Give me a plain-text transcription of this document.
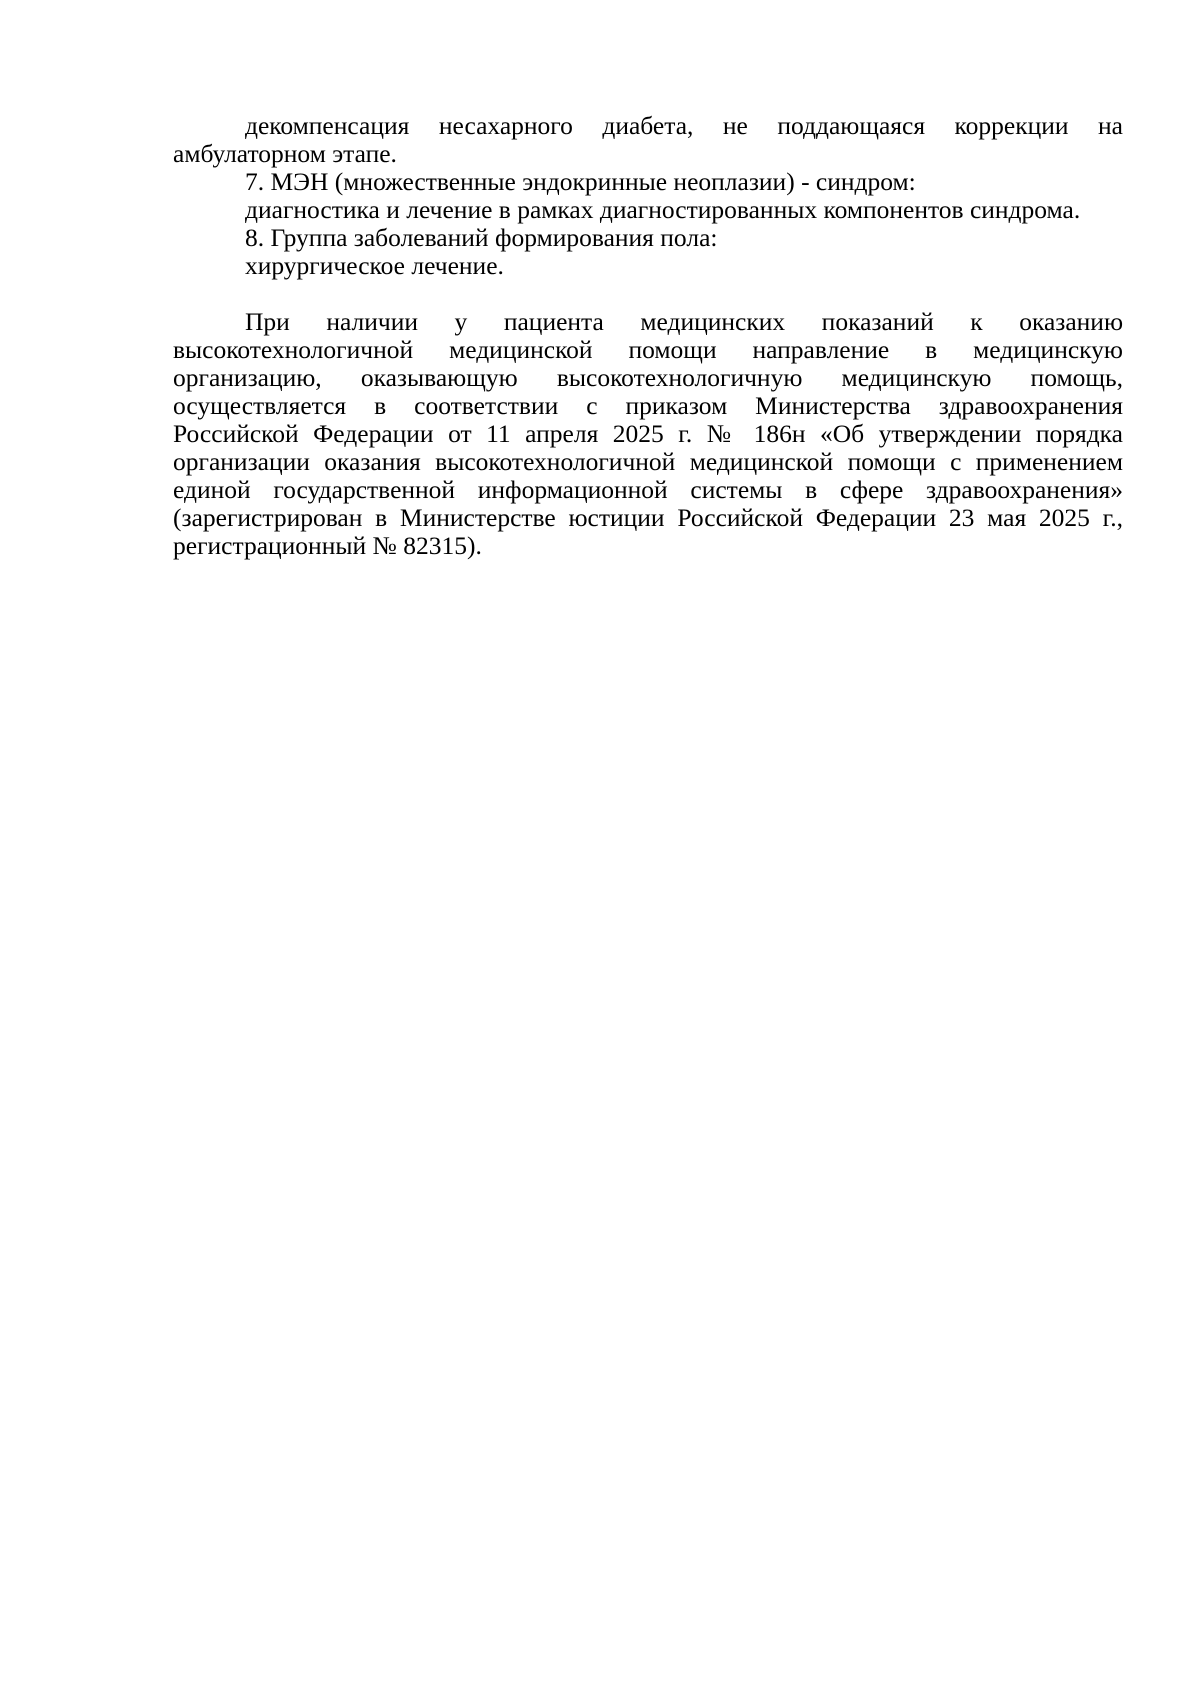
декомпенсация несахарного диабета, не поддающаяся коррекции на амбулаторном этапе.

7. МЭН (множественные эндокринные неоплазии) - синдром:

диагностика и лечение в рамках диагностированных компонентов синдрома.

8. Группа заболеваний формирования пола:

хирургическое лечение.

При наличии у пациента медицинских показаний к оказанию высокотехнологичной медицинской помощи направление в медицинскую организацию, оказывающую высокотехнологичную медицинскую помощь, осуществляется в соответствии с приказом Министерства здравоохранения Российской Федерации от 11 апреля 2025 г. № 186н «Об утверждении порядка организации оказания высокотехнологичной медицинской помощи с применением единой государственной информационной системы в сфере здравоохранения» (зарегистрирован в Министерстве юстиции Российской Федерации 23 мая 2025 г., регистрационный № 82315).
